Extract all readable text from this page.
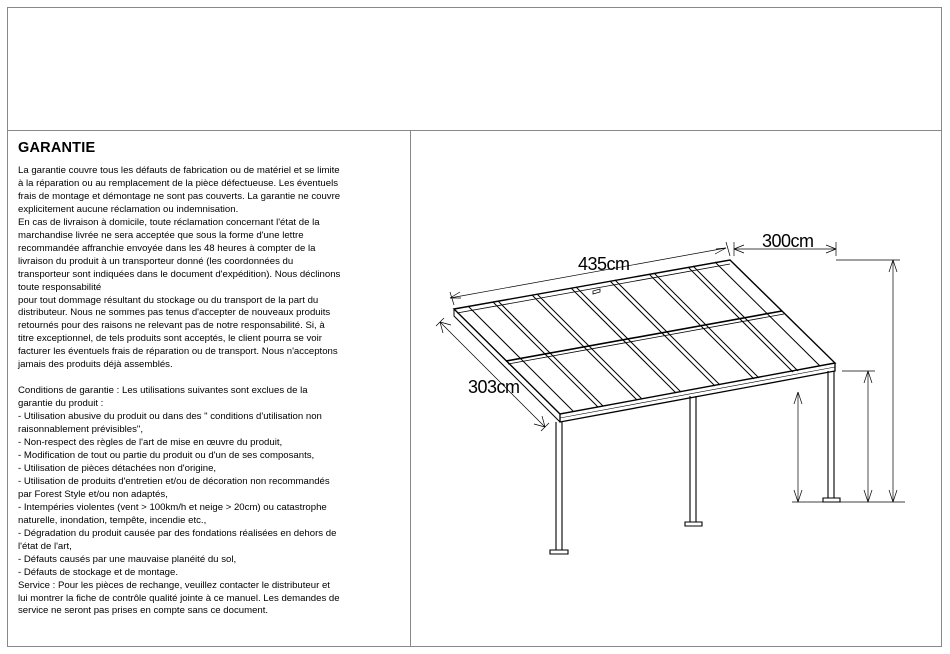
GARANTIE
La garantie couvre tous les défauts de fabrication ou de matériel et se limite
à la réparation ou au remplacement de la pièce défectueuse. Les éventuels
frais de montage et démontage ne sont pas couverts. La garantie ne couvre
explicitement aucune réclamation ou indemnisation.
En cas de livraison à domicile, toute réclamation concernant l'état de la
marchandise livrée ne sera acceptée que sous la forme d'une lettre
recommandée affranchie envoyée dans les 48 heures à compter de la
livraison du produit à un transporteur donné (les coordonnées du
transporteur sont indiquées dans le document d'expédition). Nous déclinons
toute responsabilité
pour tout dommage résultant du stockage ou du transport de la part du
distributeur. Nous ne sommes pas tenus d'accepter de nouveaux produits
retournés pour des raisons ne relevant pas de notre responsabilité. Si, à
titre exceptionnel, de tels produits sont acceptés, le client pourra se voir
facturer les éventuels frais de réparation ou de transport. Nous n'acceptons
jamais des produits déjà assemblés.
Conditions de garantie : Les utilisations suivantes sont exclues de la
garantie du produit :
- Utilisation abusive du produit ou dans des " conditions d'utilisation non
raisonnablement prévisibles",
- Non-respect des règles de l'art de mise en œuvre du produit,
- Modification de tout ou partie du produit ou d'un de ses composants,
- Utilisation de pièces détachées non d'origine,
- Utilisation de produits d'entretien et/ou de décoration non recommandés
par Forest Style et/ou non adaptés,
- Intempéries violentes (vent > 100km/h et neige > 20cm) ou catastrophe
naturelle, inondation, tempête, incendie etc.,
- Dégradation du produit causée par des fondations réalisées en dehors de
l'état de l'art,
- Défauts causés par une mauvaise planéité du sol,
- Défauts de stockage et de montage.
Service : Pour les pièces de rechange, veuillez contacter le distributeur et
lui montrer la fiche de contrôle qualité jointe à ce manuel. Les demandes de
service ne seront pas prises en compte sans ce document.
435cm
303cm
300cm
